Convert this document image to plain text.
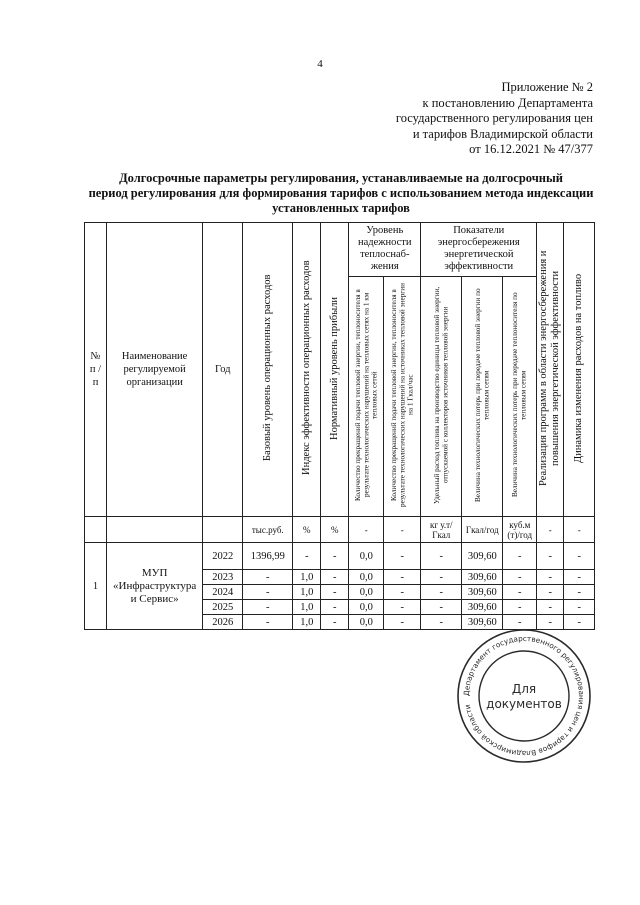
4
Приложение № 2
к постановлению Департамента
государственного регулирования цен
и тарифов Владимирской области
от 16.12.2021 № 47/377
Долгосрочные параметры регулирования, устанавливаемые на долгосрочный
период регулирования для формирования тарифов с использованием метода индексации
установленных тарифов
№ п / п	Наименование регулируемой организации	Год	Базовый уровень операционных расходов	Индекс эффективности операционных расходов	Нормативный уровень прибыли	Уровень надежности теплоснаб-жения		Показатели энергосбережения энергетической эффективности			Реализация программ в области энергосбережения и повышения энергетической эффективности	Динамика изменения расходов на топливо
						Количество прекращений подачи тепловой энергии, теплоносителя в результате технологических нарушений на тепловых сетях на 1 км тепловых сетей	Количество прекращений подачи тепловой энергии, теплоносителя в результате технологических нарушений на источниках тепловой энергии на 1 Гкал/час	Удельный расход топлива на производство единицы тепловой энергии, отпускаемой с коллекторов источников тепловой энергии	Величина технологических потерь при передаче тепловой энергии по тепловым сетям	Величина технологических потерь при передаче теплоносителя по тепловым сетям		
			тыс.руб.	%	%	-	-	кг у.т/Гкал	Гкал/год	куб.м (т)/год	-	-
1	МУП «Инфраструктура и Сервис»	2022	1396,99	-	-	0,0	-	-	309,60	-	-	-
		2023	-	1,0	-	0,0	-	-	309,60	-	-	-
		2024	-	1,0	-	0,0	-	-	309,60	-	-	-
		2025	-	1,0	-	0,0	-	-	309,60	-	-	-
		2026	-	1,0	-	0,0	-	-	309,60	-	-	-
Департамент государственного регулирования цен и тарифов Владимирской области
Для
документов
